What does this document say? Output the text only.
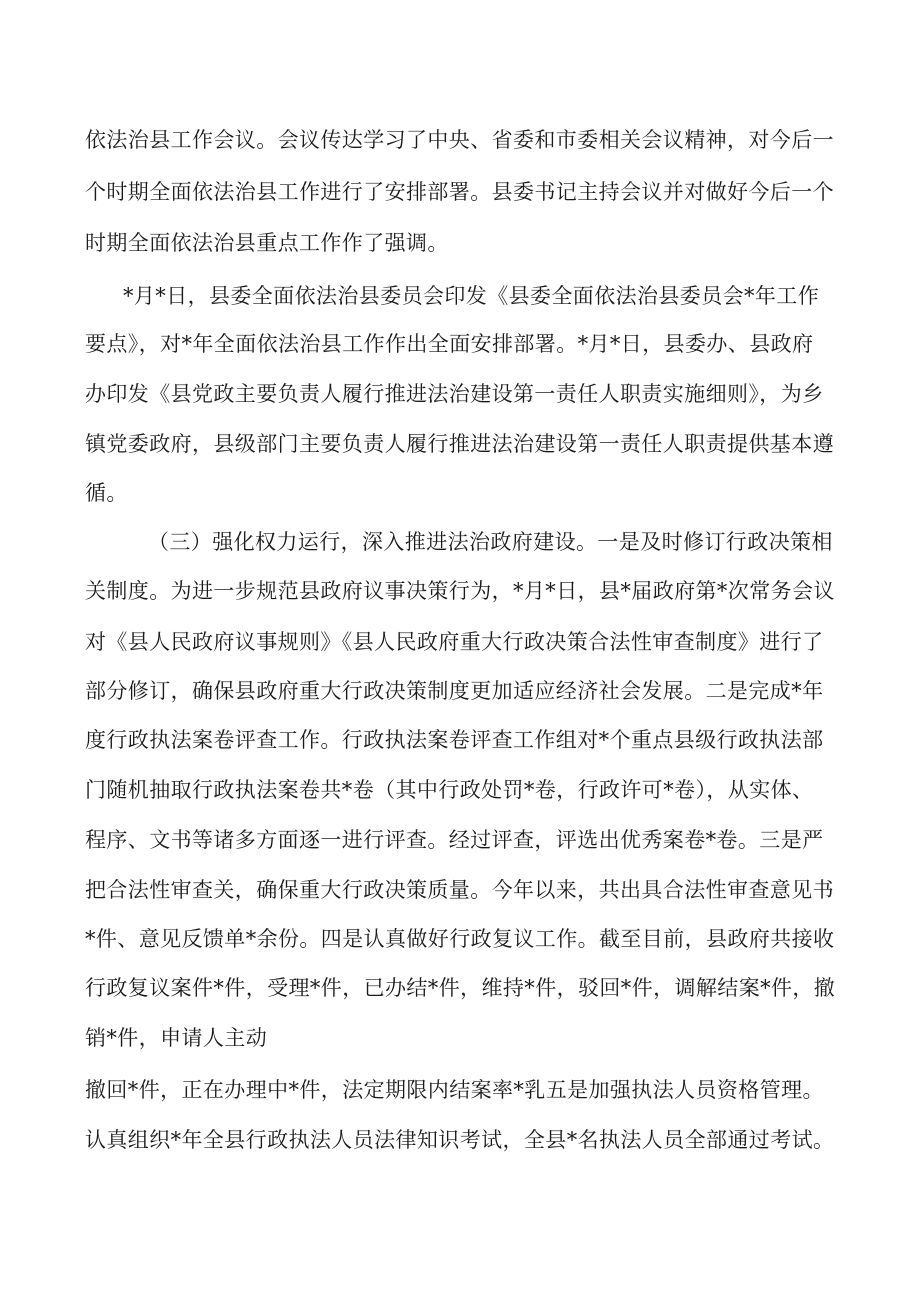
依法治县工作会议。会议传达学习了中央、省委和市委相关会议精神，对今后一
个时期全面依法治县工作进行了安排部署。县委书记主持会议并对做好今后一个
时期全面依法治县重点工作作了强调。
*月*日，县委全面依法治县委员会印发《县委全面依法治县委员会*年工作
要点》，对*年全面依法治县工作作出全面安排部署。*月*日，县委办、县政府
办印发《县党政主要负责人履行推进法治建设第一责任人职责实施细则》，为乡
镇党委政府，县级部门主要负责人履行推进法治建设第一责任人职责提供基本遵
循。
（三）强化权力运行，深入推进法治政府建设。一是及时修订行政决策相
关制度。为进一步规范县政府议事决策行为，*月*日，县*届政府第*次常务会议
对《县人民政府议事规则》《县人民政府重大行政决策合法性审查制度》进行了
部分修订，确保县政府重大行政决策制度更加适应经济社会发展。二是完成*年
度行政执法案卷评查工作。行政执法案卷评查工作组对*个重点县级行政执法部
门随机抽取行政执法案卷共*卷（其中行政处罚*卷，行政许可*卷），从实体、
程序、文书等诸多方面逐一进行评查。经过评查，评选出优秀案卷*卷。三是严
把合法性审查关，确保重大行政决策质量。今年以来，共出具合法性审查意见书
*件、意见反馈单*余份。四是认真做好行政复议工作。截至目前，县政府共接收
行政复议案件*件，受理*件，已办结*件，维持*件，驳回*件，调解结案*件，撤
销*件，申请人主动
撤回*件，正在办理中*件，法定期限内结案率*乳五是加强执法人员资格管理。
认真组织*年全县行政执法人员法律知识考试，全县*名执法人员全部通过考试。
